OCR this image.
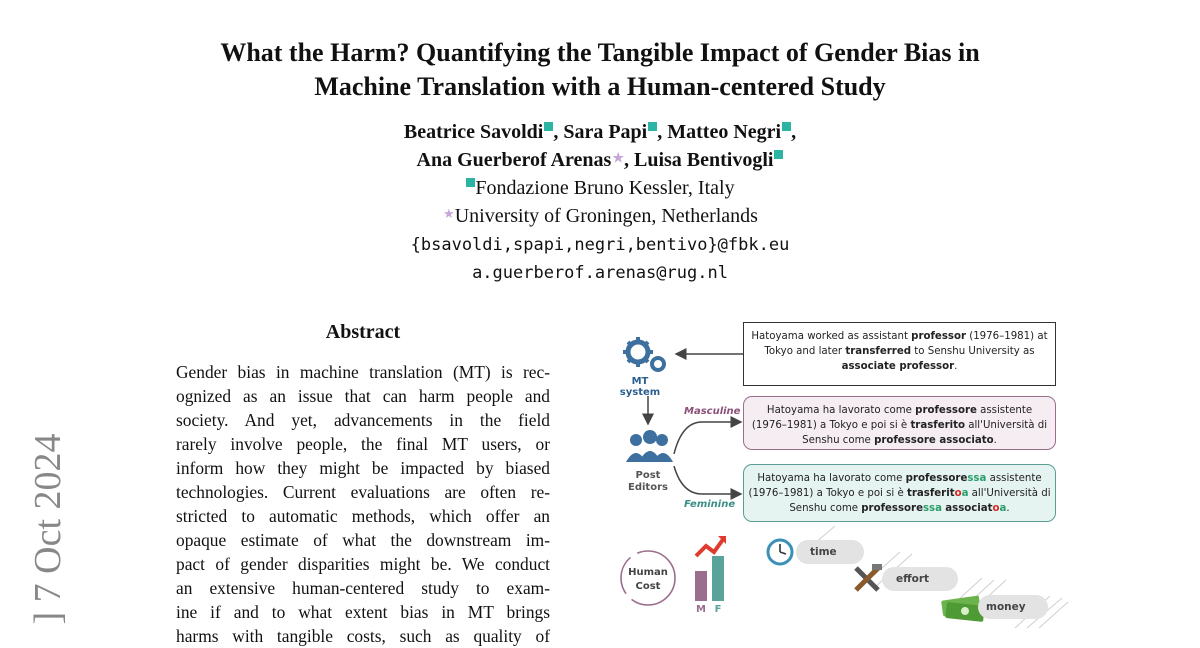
What the Harm? Quantifying the Tangible Impact of Gender Bias in
Machine Translation with a Human-centered Study
Beatrice Savoldi , Sara Papi , Matteo Negri ,
Ana Guerberof Arenas★, Luisa Bentivogli
Fondazione Bruno Kessler, Italy
★University of Groningen, Netherlands
{bsavoldi,spapi,negri,bentivo}@fbk.eu
a.guerberof.arenas@rug.nl
] 7 Oct 2024
Abstract
Gender bias in machine translation (MT) is rec-
ognized as an issue that can harm people and
society. And yet, advancements in the field
rarely involve people, the final MT users, or
inform how they might be impacted by biased
technologies. Current evaluations are often re-
stricted to automatic methods, which offer an
opaque estimate of what the downstream im-
pact of gender disparities might be. We conduct
an extensive human-centered study to exam-
ine if and to what extent bias in MT brings
harms with tangible costs, such as quality of
MT system
Post
Editors
Masculine
Feminine
Human
Cost
M F
time
effort
money
Hatoyama worked as assistant professor (1976–1981) at Tokyo and later transferred to Senshu University as associate professor.
Hatoyama ha lavorato come professore assistente (1976–1981) a Tokyo e poi si è trasferito all'Università di Senshu come professore associato.
Hatoyama ha lavorato come professoressa assistente (1976–1981) a Tokyo e poi si è trasferitoa all'Università di Senshu come professoressa associatoa.
